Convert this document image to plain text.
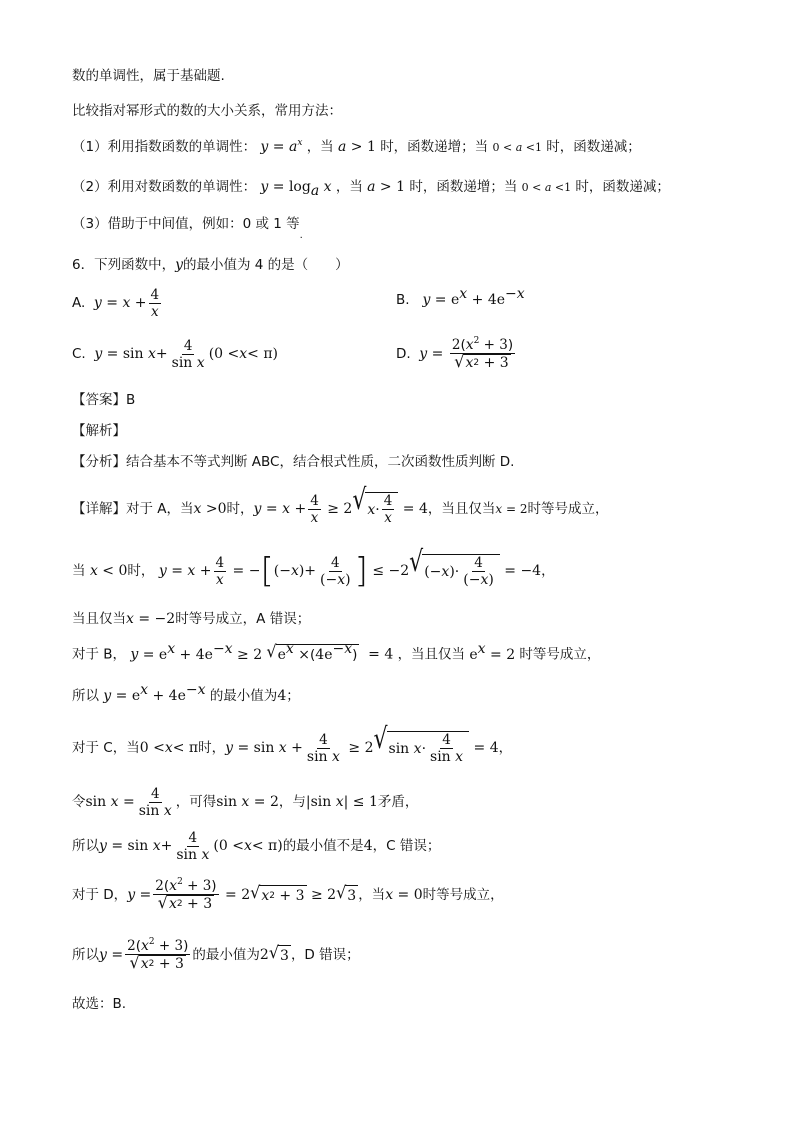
数的单调性，属于基础题.
比较指对幂形式的数的大小关系，常用方法：
（1）利用指数函数的单调性： $y = a^x$ ，当 a > 1 时，函数递增；当 0 < a <1 时，函数递减；
（2）利用对数函数的单调性： $y = \log_a x$ ，当 a > 1 时，函数递增；当 0 < a <1 时，函数递减；
（3）借助于中间值，例如：0 或 1 等$_.$
6．下列函数中，y的最小值为 4 的是（　　）
A.
$y = x + \frac{4}{x}$	B. $y = e^x + 4e^{-x}$
C.
$y = \sin x + \frac{4}{\text{sin x}} (0 < x < \pi)$	D.
$y = \frac{2(x^2 + 3)}{√ x 2 + 3}$
【答案】B
【解析】
【分析】结合基本不等式判断 ABC，结合根式性质，二次函数性质判断 D.
【详解】对于 A，当 x >0 时， $y = x + \frac{4}{x} \ge 2$ √ $x \cdot \frac{4}{x} = 4$ ，当且仅当 x = 2 时等号成立，
当 x < 0 时， $y = x + \frac{4}{x}$ = − [ (− x )+ $\frac{4}{(-x)}$ ] ≤ −2 √ (− x )· $\frac{4}{(-x)} = -4$ ，
当且仅当x = −2时等号成立，A 错误；
对于 B， $y = e^x + 4e^{-x} \ge 2$ √ $e^x$ × ( $4e^{-x}$ ) = 4 ，当且仅当 $e^x = 2$ 时等号成立，
所以 $y = e^x + 4e^{-x}$ 的最小值为4；
对于 C，当 0 < x < π 时， $y = \sin x + \frac{4}{\text{sin x}} \ge 2$ √ $\sin x \cdot \frac{4}{\text{sin x}} = 4$ ，
令 $\sin x = \frac{4}{\text{sin x}}$ ，可得 sin x = 2 ，与 |sin x | ≤ 1 矛盾，
所以 $y = \sin x + \frac{4}{\text{sin x}} (0 < x < \pi)$ 的最小值不是 4 ，C 错误；
对于 D， $y = \frac{2(x^2 + 3)}{√ x 2 + 3} = 2$ √ x 2 + 3 ≥ 2 √ 3 ，当 x = 0 时等号成立，
所以 $y = \frac{2(x^2 + 3)}{√ x 2 + 3}$ 的最小值为 2 √ 3 ，D 错误；
故选：B.
